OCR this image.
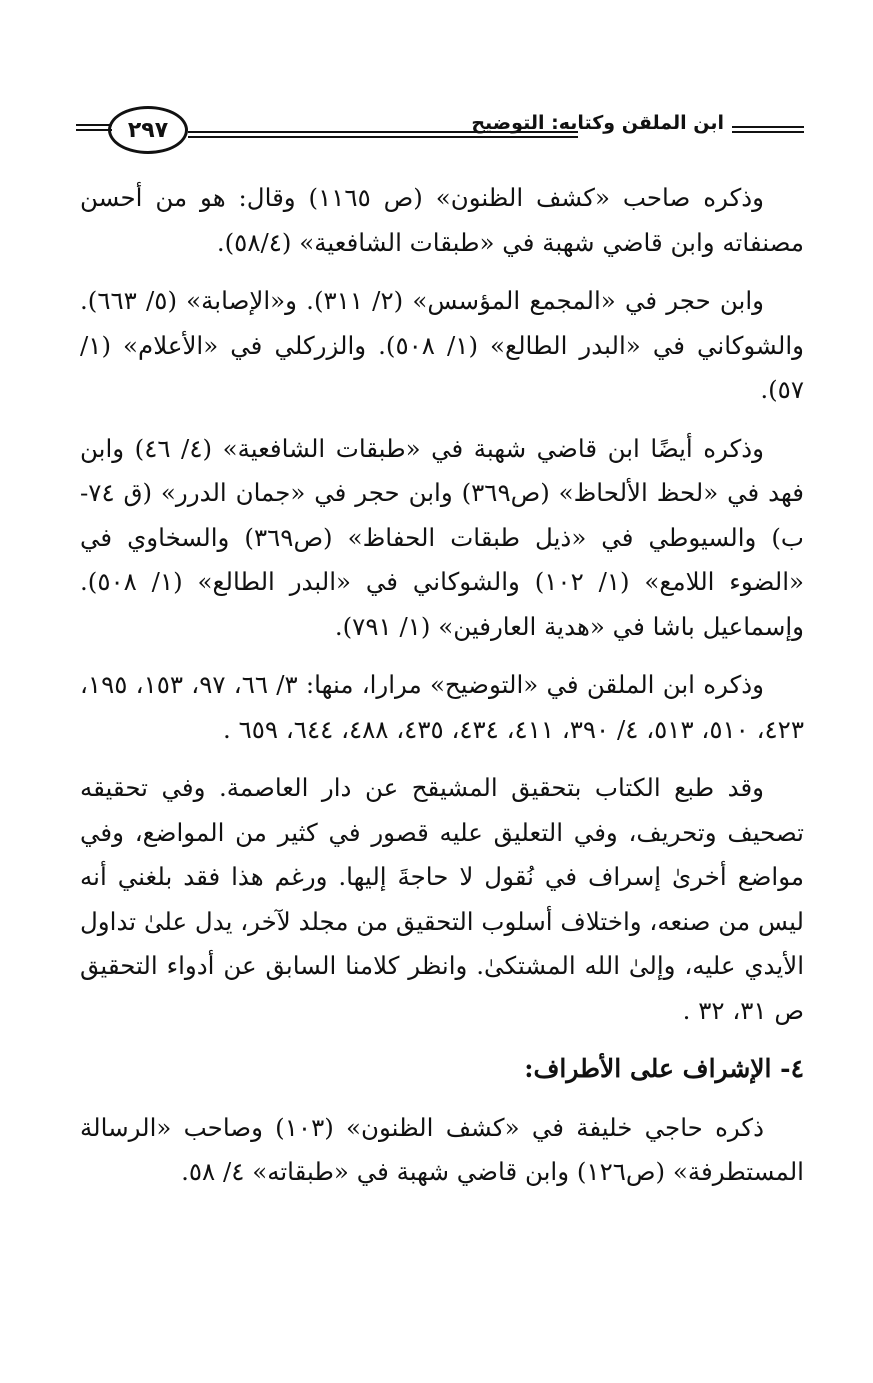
٢٩٧	ابن الملقن وكتابه: التوضيح

وذكره صاحب «كشف الظنون» (ص ١١٦٥) وقال: هو من أحسن مصنفاته وابن قاضي شهبة في «طبقات الشافعية» (٥٨/٤).

وابن حجر في «المجمع المؤسس» (٢/ ٣١١). و«الإصابة» (٥/ ٦٦٣). والشوكاني في «البدر الطالع» (١/ ٥٠٨). والزركلي في «الأعلام» (١/ ٥٧).

وذكره أيضًا ابن قاضي شهبة في «طبقات الشافعية» (٤/ ٤٦) وابن فهد في «لحظ الألحاظ» (ص٣٦٩) وابن حجر في «جمان الدرر» (ق ٧٤- ب) والسيوطي في «ذيل طبقات الحفاظ» (ص٣٦٩) والسخاوي في «الضوء اللامع» (١/ ١٠٢) والشوكاني في «البدر الطالع» (١/ ٥٠٨). وإسماعيل باشا في «هدية العارفين» (١/ ٧٩١).

وذكره ابن الملقن في «التوضيح» مرارا، منها: ٣/ ٦٦، ٩٧، ١٥٣، ١٩٥، ٤٢٣، ٥١٠، ٥١٣، ٤/ ٣٩٠، ٤١١، ٤٣٤، ٤٣٥، ٤٨٨، ٦٤٤، ٦٥٩ .

وقد طبع الكتاب بتحقيق المشيقح عن دار العاصمة. وفي تحقيقه تصحيف وتحريف، وفي التعليق عليه قصور في كثير من المواضع، وفي مواضع أخرىٰ إسراف في نُقول لا حاجةَ إليها. ورغم هذا فقد بلغني أنه ليس من صنعه، واختلاف أسلوب التحقيق من مجلد لآخر، يدل علىٰ تداول الأيدي عليه، وإلىٰ الله المشتكىٰ. وانظر كلامنا السابق عن أدواء التحقيق ص ٣١، ٣٢ .

٤- الإشراف على الأطراف:

ذكره حاجي خليفة في «كشف الظنون» (١٠٣) وصاحب «الرسالة المستطرفة» (ص١٢٦) وابن قاضي شهبة في «طبقاته» ٤/ ٥٨.
